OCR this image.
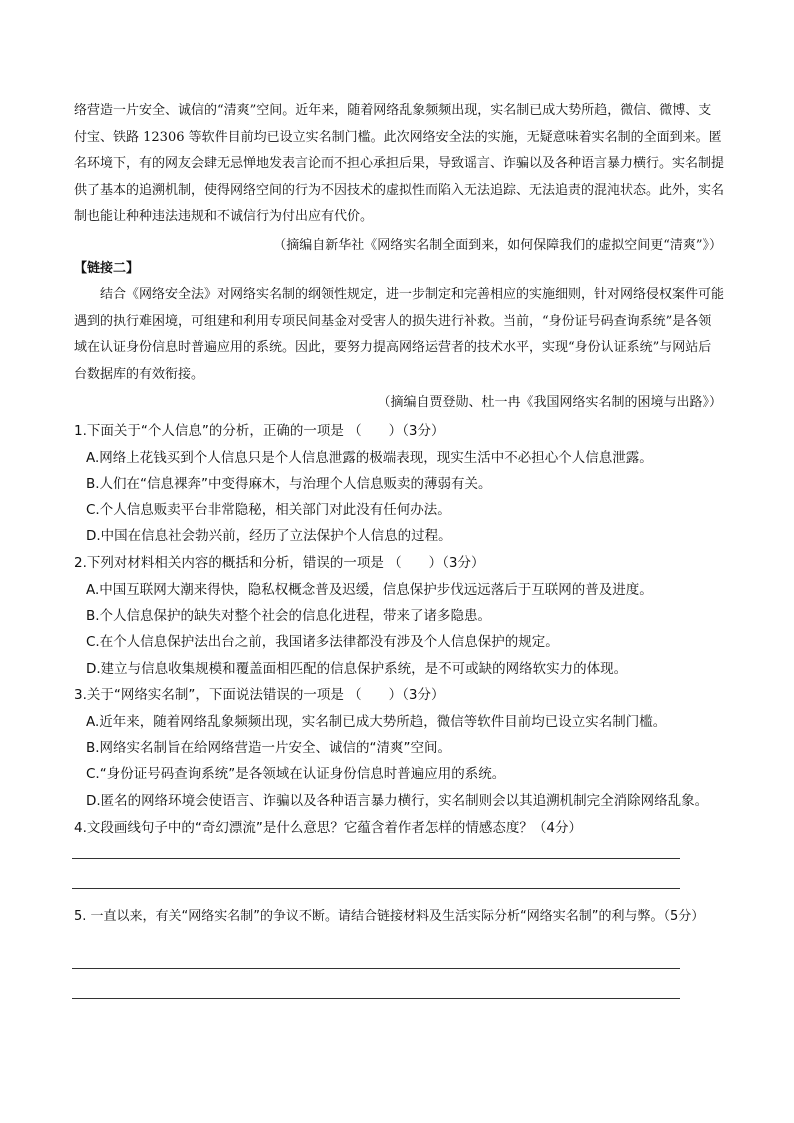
络营造一片安全、诚信的“清爽”空间。近年来，随着网络乱象频频出现，实名制已成大势所趋，微信、微博、支付宝、铁路 12306 等软件目前均已设立实名制门槛。此次网络安全法的实施，无疑意味着实名制的全面到来。匿名环境下，有的网友会肆无忌惮地发表言论而不担心承担后果，导致谣言、诈骗以及各种语言暴力横行。实名制提供了基本的追溯机制，使得网络空间的行为不因技术的虚拟性而陷入无法追踪、无法追责的混沌状态。此外，实名制也能让种种违法违规和不诚信行为付出应有代价。

（摘编自新华社《网络实名制全面到来，如何保障我们的虚拟空间更“清爽”》）
【链接二】

结合《网络安全法》对网络实名制的纲领性规定，进一步制定和完善相应的实施细则，针对网络侵权案件可能遇到的执行难困境，可组建和利用专项民间基金对受害人的损失进行补救。当前，“身份证号码查询系统”是各领域在认证身份信息时普遍应用的系统。因此，要努力提高网络运营者的技术水平，实现“身份认证系统”与网站后台数据库的有效衔接。

（摘编自贾登勋、杜一冉《我国网络实名制的困境与出路》）
1.下面关于“个人信息”的分析，正确的一项是 （　　）（3分）
A.网络上花钱买到个人信息只是个人信息泄露的极端表现，现实生活中不必担心个人信息泄露。
B.人们在“信息裸奔”中变得麻木，与治理个人信息贩卖的薄弱有关。
C.个人信息贩卖平台非常隐秘，相关部门对此没有任何办法。
D.中国在信息社会勃兴前，经历了立法保护个人信息的过程。
2.下列对材料相关内容的概括和分析，错误的一项是 （　　）（3分）
A.中国互联网大潮来得快，隐私权概念普及迟缓，信息保护步伐远远落后于互联网的普及进度。
B.个人信息保护的缺失对整个社会的信息化进程，带来了诸多隐患。
C.在个人信息保护法出台之前，我国诸多法律都没有涉及个人信息保护的规定。
D.建立与信息收集规模和覆盖面相匹配的信息保护系统，是不可或缺的网络软实力的体现。
3.关于“网络实名制”，下面说法错误的一项是 （　　）（3分）
A.近年来，随着网络乱象频频出现，实名制已成大势所趋，微信等软件目前均已设立实名制门槛。
B.网络实名制旨在给网络营造一片安全、诚信的“清爽”空间。
C.“身份证号码查询系统”是各领域在认证身份信息时普遍应用的系统。
D.匿名的网络环境会使语言、诈骗以及各种语言暴力横行，实名制则会以其追溯机制完全消除网络乱象。
4.文段画线句子中的“奇幻漂流”是什么意思？它蕴含着作者怎样的情感态度？（4分）
5. 一直以来，有关“网络实名制”的争议不断。请结合链接材料及生活实际分析“网络实名制”的利与弊。（5分）
